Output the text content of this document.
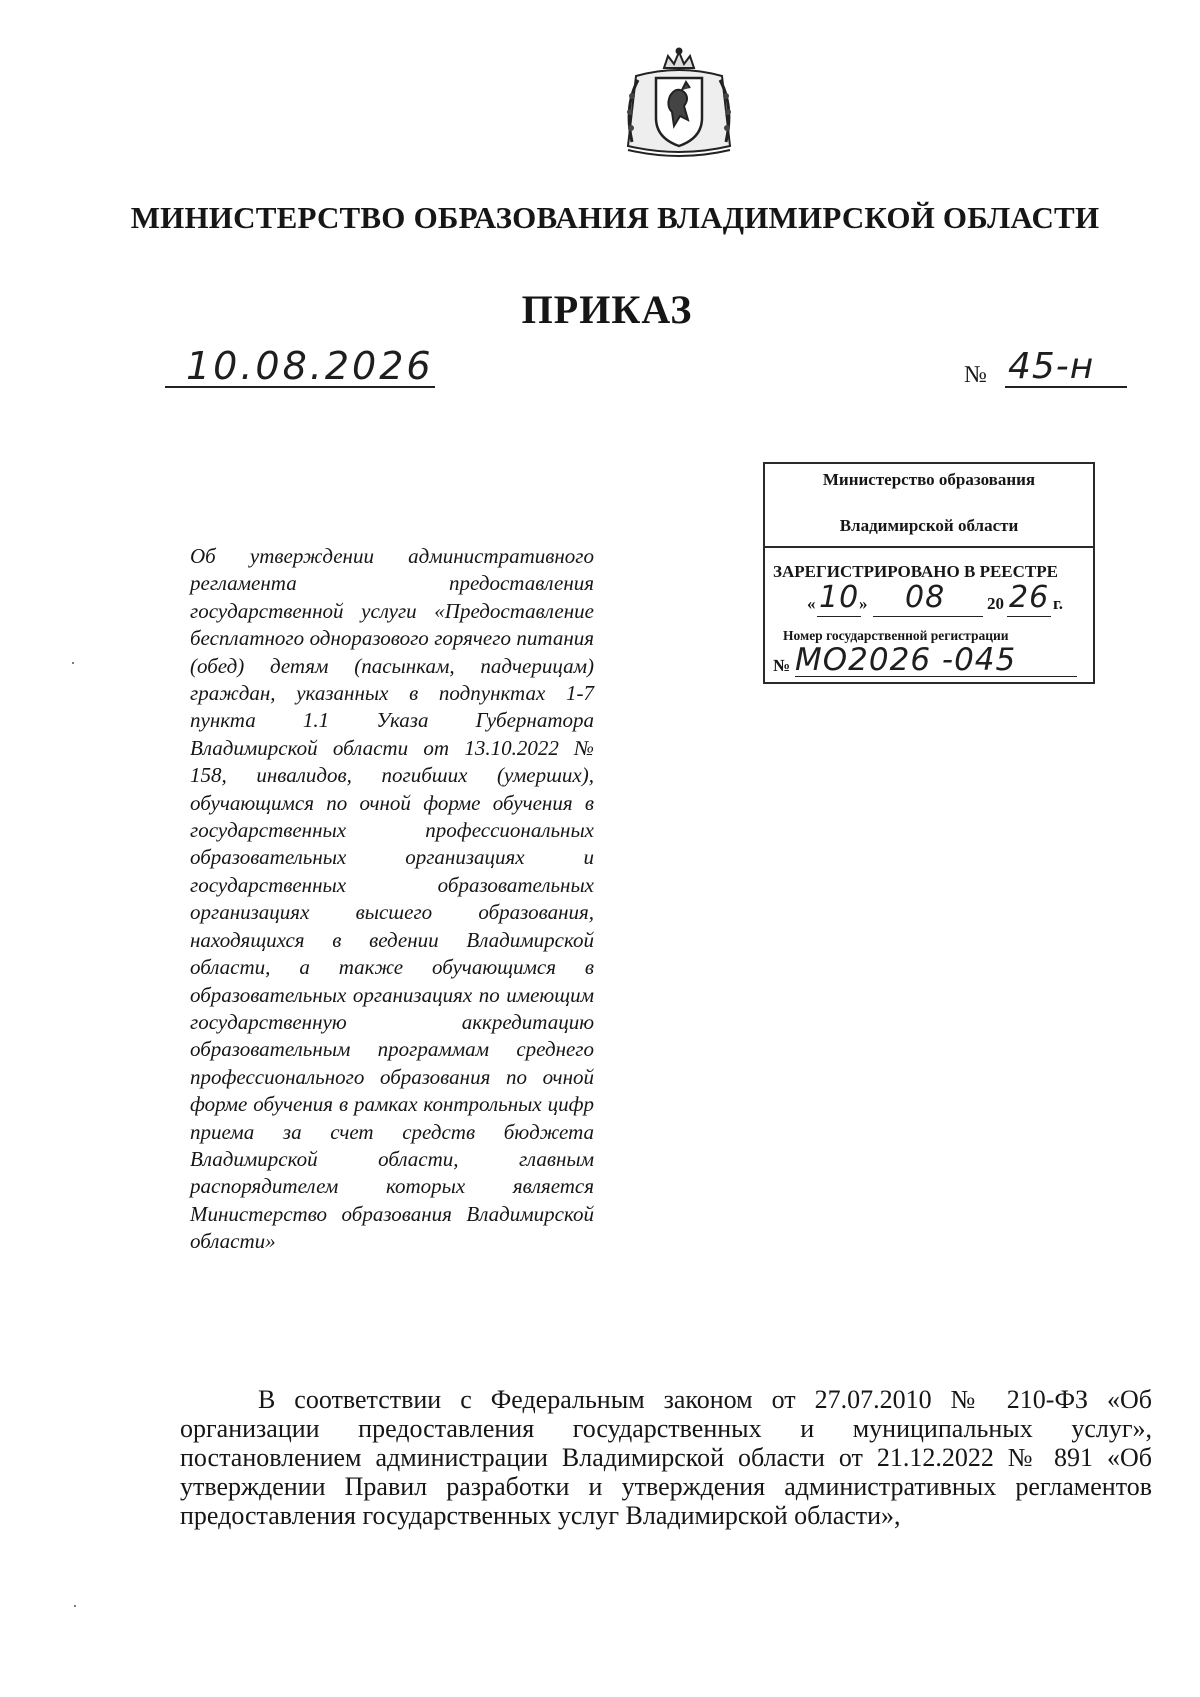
МИНИСТЕРСТВО ОБРАЗОВАНИЯ ВЛАДИМИРСКОЙ ОБЛАСТИ
ПРИКАЗ
10.08.2026	№ 45-н
Министерство образования
Владимирской области
ЗАРЕГИСТРИРОВАНО В РЕЕСТРЕ
« 10 » 08 20 26 г.
Номер государственной регистрации
№ МО2026 -045
Об утверждении административного регламента предоставления государственной услуги «Предоставление бесплатного одноразового горячего питания (обед) детям (пасынкам, падчерицам) граждан, указанных в подпунктах 1-7 пункта 1.1 Указа Губернатора Владимирской области от 13.10.2022 № 158, инвалидов, погибших (умерших), обучающимся по очной форме обучения в государственных профессиональных образовательных организациях и государственных образовательных организациях высшего образования, находящихся в ведении Владимирской области, а также обучающимся в образовательных организациях по имеющим государственную аккредитацию образовательным программам среднего профессионального образования по очной форме обучения в рамках контрольных цифр приема за счет средств бюджета Владимирской области, главным распорядителем которых является Министерство образования Владимирской области»
В соответствии с Федеральным законом от 27.07.2010 № 210-ФЗ «Об организации предоставления государственных и муниципальных услуг», постановлением администрации Владимирской области от 21.12.2022 № 891 «Об утверждении Правил разработки и утверждения административных регламентов предоставления государственных услуг Владимирской области»,
